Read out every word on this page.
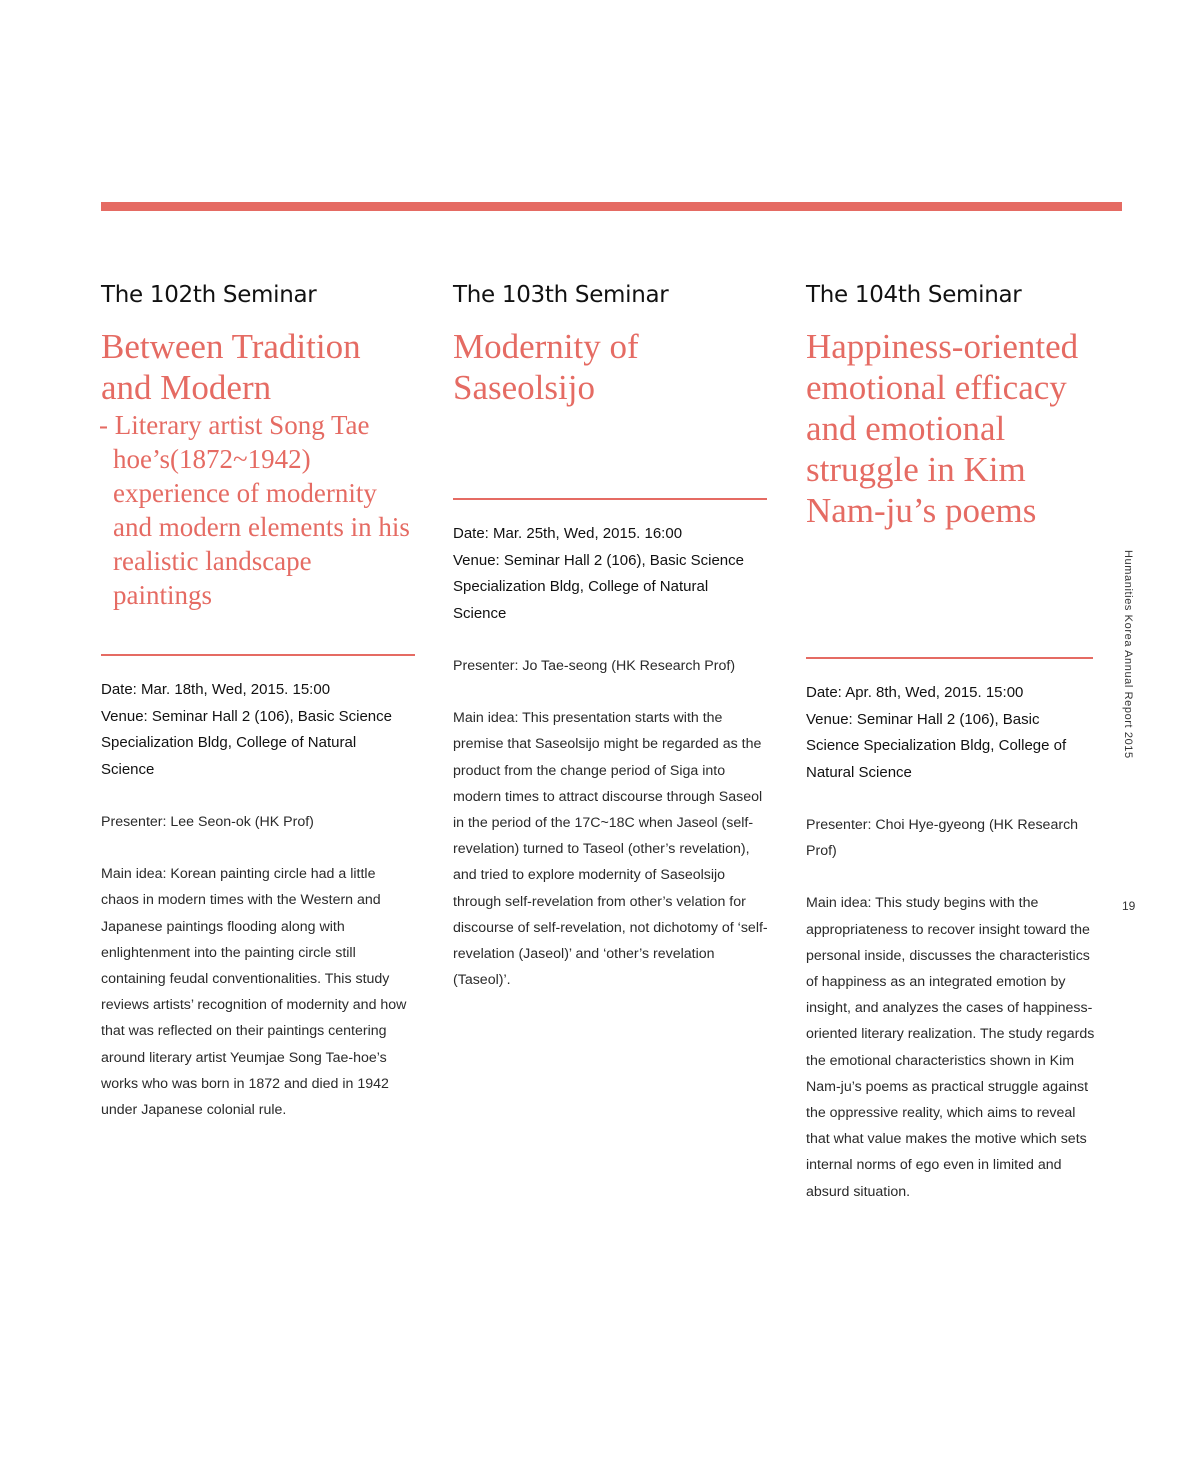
The 102th Seminar

Between Tradition and Modern

- Literary artist Song Tae hoe’s(1872~1942) experience of modernity and modern elements in his realistic landscape paintings

Date: Mar. 18th, Wed, 2015. 15:00

Venue: Seminar Hall 2 (106), Basic Science Specialization Bldg, College of Natural Science

Presenter: Lee Seon-ok (HK Prof)

Main idea: Korean painting circle had a little chaos in modern times with the Western and Japanese paintings flooding along with enlightenment into the painting circle still containing feudal conventionalities. This study reviews artists’ recognition of modernity and how that was reflected on their paintings centering around literary artist Yeumjae Song Tae-hoe’s works who was born in 1872 and died in 1942 under Japanese colonial rule.

The 103th Seminar

Modernity of Saseolsijo

Date: Mar. 25th, Wed, 2015. 16:00

Venue: Seminar Hall 2 (106), Basic Science Specialization Bldg, College of Natural Science

Presenter: Jo Tae-seong (HK Research Prof)

Main idea: This presentation starts with the premise that Saseolsijo might be regarded as the product from the change period of Siga into modern times to attract discourse through Saseol in the period of the 17C~18C when Jaseol (self-revelation) turned to Taseol (other’s revelation), and tried to explore modernity of Saseolsijo through self-revelation from other’s velation for discourse of self-revelation, not dichotomy of ‘self-revelation (Jaseol)’ and ‘other’s revelation (Taseol)’.

The 104th Seminar

Happiness-oriented emotional efficacy and emotional struggle in Kim Nam-ju’s poems

Date: Apr. 8th, Wed, 2015. 15:00

Venue: Seminar Hall 2 (106), Basic Science Specialization Bldg, College of Natural Science

Presenter: Choi Hye-gyeong (HK Research Prof)

Main idea: This study begins with the appropriateness to recover insight toward the personal inside, discusses the characteristics of happiness as an integrated emotion by insight, and analyzes the cases of happiness-oriented literary realization. The study regards the emotional characteristics shown in Kim Nam-ju’s poems as practical struggle against the oppressive reality, which aims to reveal that what value makes the motive which sets internal norms of ego even in limited and absurd situation.

Humanities Korea Annual Report 2015
19
